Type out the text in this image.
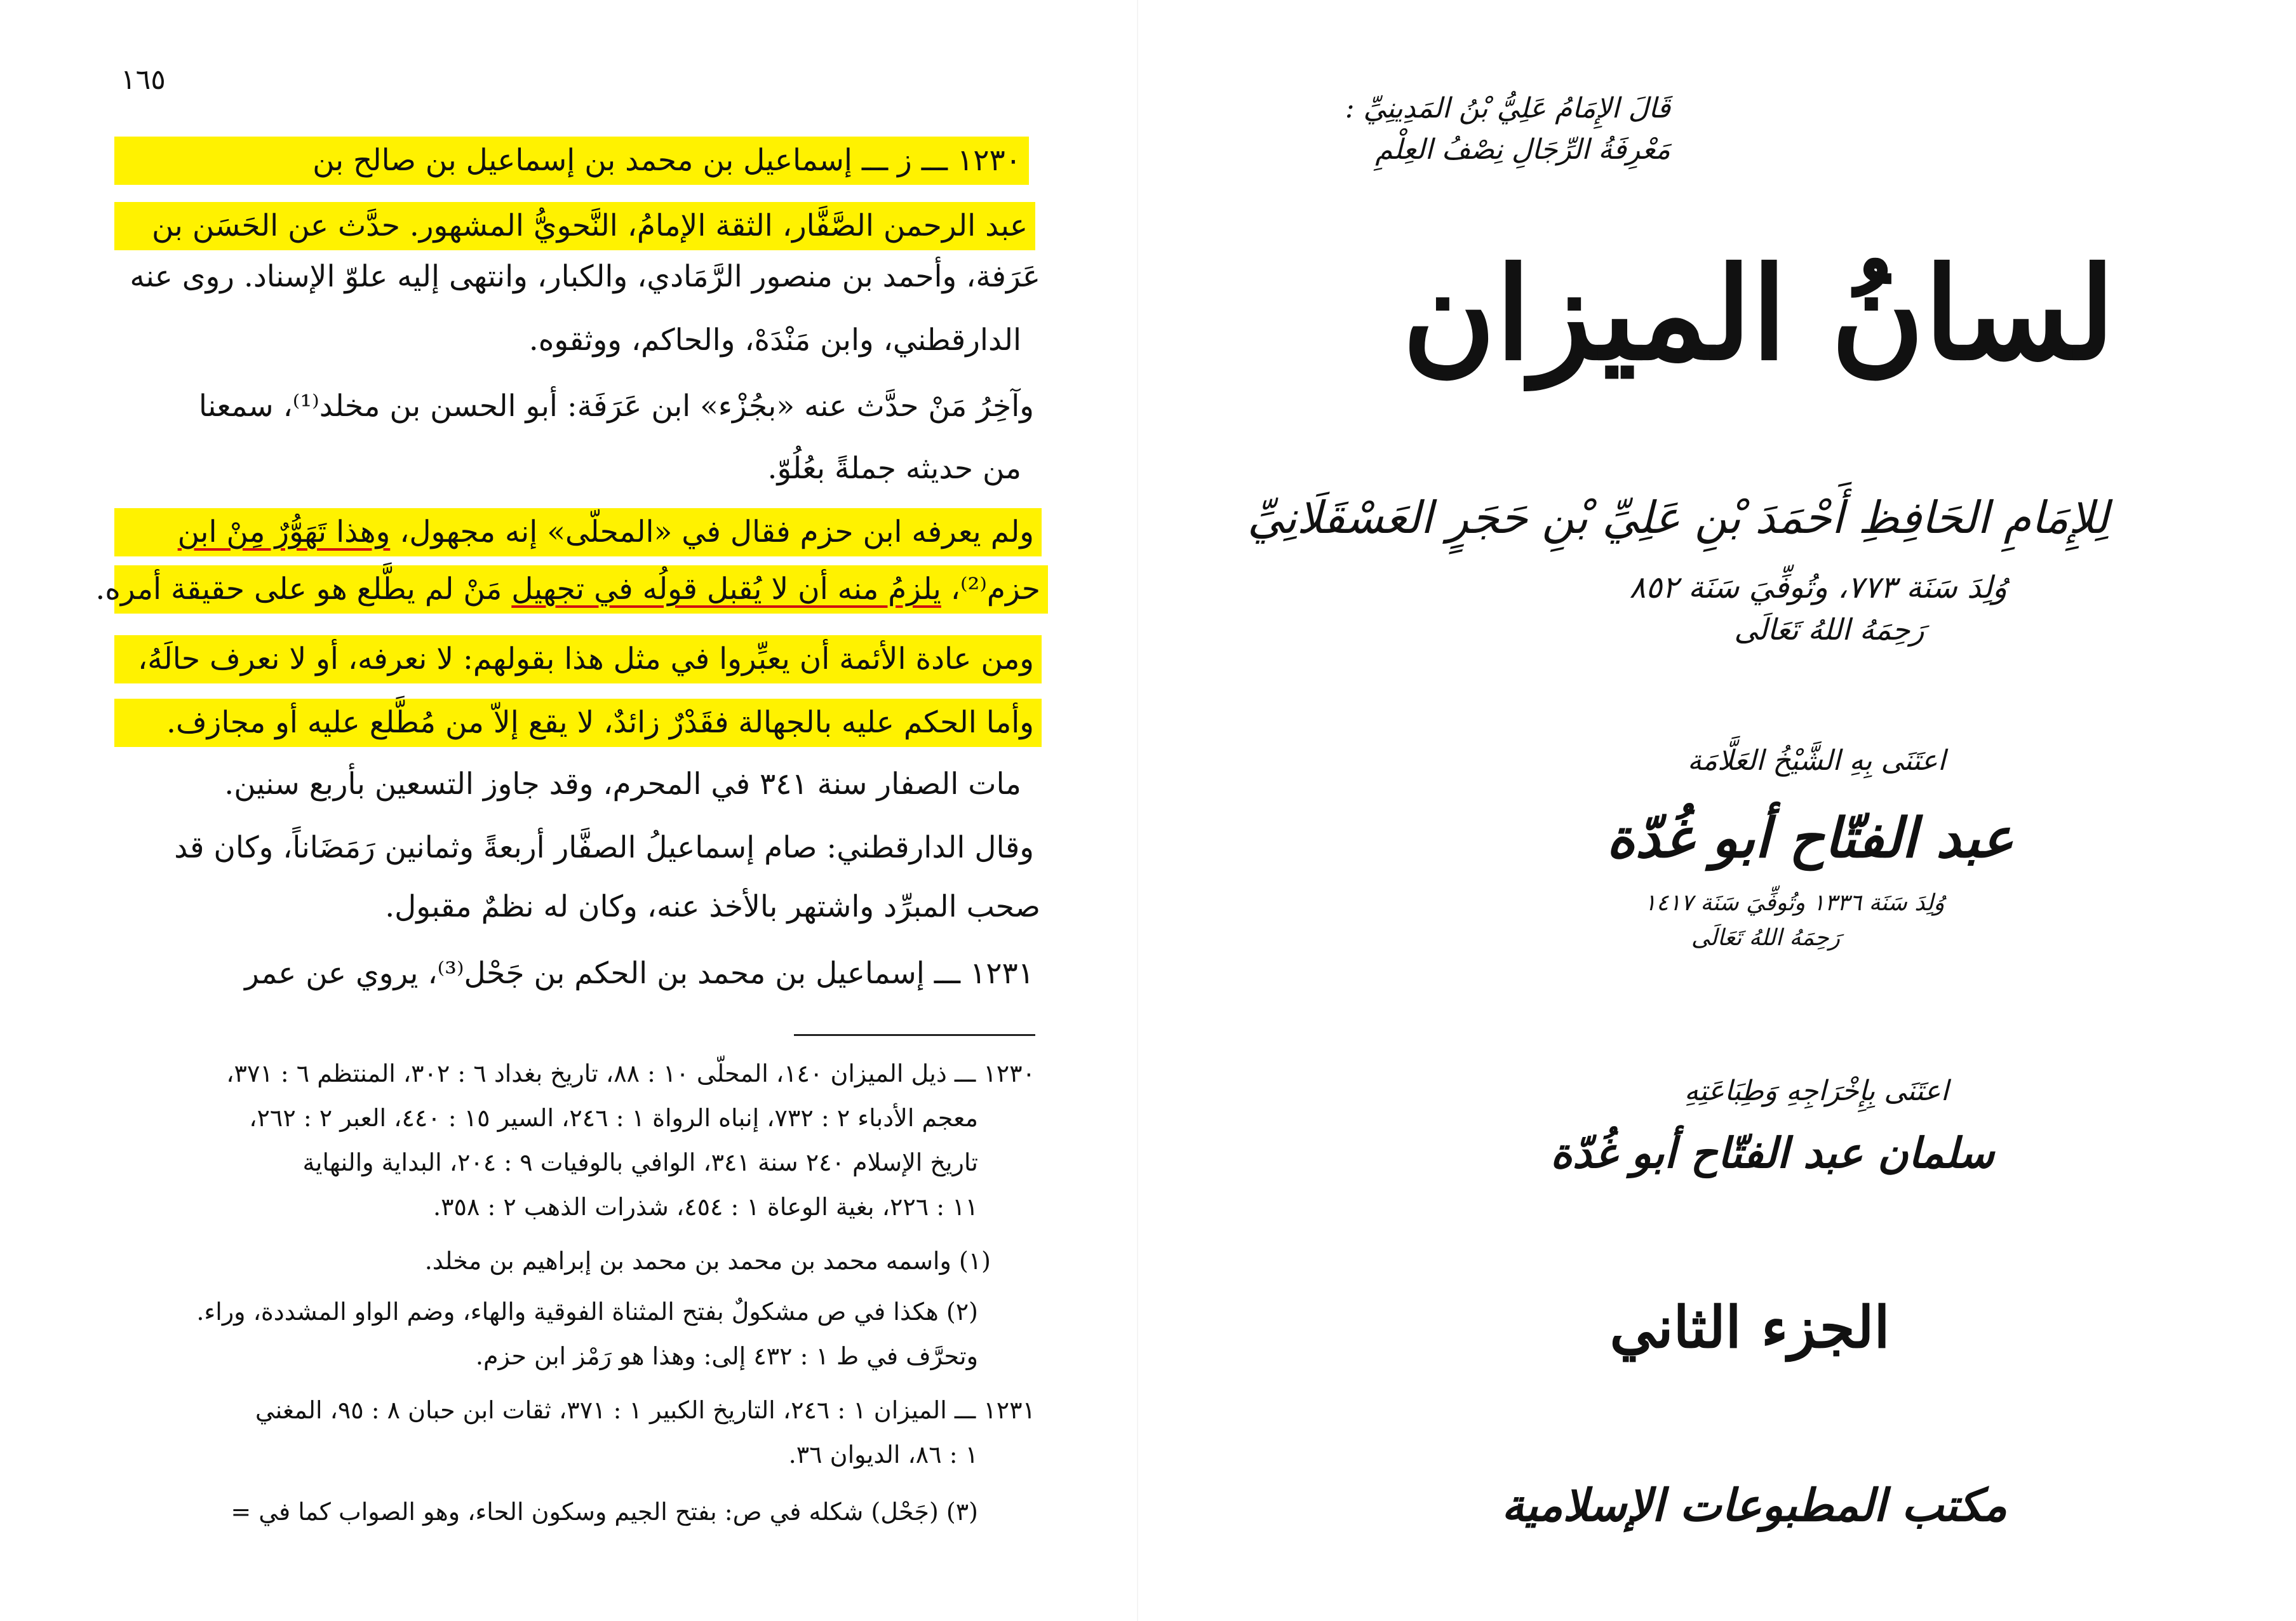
١٦٥
١٢٣٠ ـــ ز ـــ إسماعيل بن محمد بن إسماعيل بن صالح بن
عبد الرحمن الصَّفَّار، الثقة الإمامُ، النَّحويُّ المشهور. حدَّث عن الحَسَن بن
عَرَفة، وأحمد بن منصور الرَّمَادي، والكبار، وانتهى إليه علوّ الإسناد. روى عنه
الدارقطني، وابن مَنْدَهْ، والحاكم، ووثقوه.
وآخِرُ مَنْ حدَّث عنه «بجُزْء» ابن عَرَفَة: أبو الحسن بن مخلد⁽¹⁾، سمعنا
من حديثه جملةً بعُلُوّ.
ولم يعرفه ابن حزم فقال في «المحلّى» إنه مجهول، وهذا تَهَوُّرٌ مِنْ ابن
حزم⁽²⁾، يلزمُ منه أن لا يُقبل قولُه في تجهيل مَنْ لم يطَّلع هو على حقيقة أمره.
ومن عادة الأئمة أن يعبِّروا في مثل هذا بقولهم: لا نعرفه، أو لا نعرف حالَهُ،
وأما الحكم عليه بالجهالة فقَدْرٌ زائدٌ، لا يقع إلاّ من مُطَّلع عليه أو مجازف.
مات الصفار سنة ٣٤١ في المحرم، وقد جاوز التسعين بأربع سنين.
وقال الدارقطني: صام إسماعيلُ الصفَّار أربعةً وثمانين رَمَضَاناً، وكان قد
صحب المبرِّد واشتهر بالأخذ عنه، وكان له نظمٌ مقبول.
١٢٣١ ـــ إسماعيل بن محمد بن الحكم بن جَحْل⁽³⁾، يروي عن عمر
١٢٣٠ ـــ ذيل الميزان ١٤٠، المحلّى ١٠ : ٨٨، تاريخ بغداد ٦ : ٣٠٢، المنتظم ٦ : ٣٧١،
معجم الأدباء ٢ : ٧٣٢، إنباه الرواة ١ : ٢٤٦، السير ١٥ : ٤٤٠، العبر ٢ : ٢٦٢،
تاريخ الإسلام ٢٤٠ سنة ٣٤١، الوافي بالوفيات ٩ : ٢٠٤، البداية والنهاية
١١ : ٢٢٦، بغية الوعاة ١ : ٤٥٤، شذرات الذهب ٢ : ٣٥٨.
(١) واسمه محمد بن محمد بن محمد بن إبراهيم بن مخلد.
(٢) هكذا في ص مشكولٌ بفتح المثناة الفوقية والهاء، وضم الواو المشددة، وراء.
وتحرَّف في ط ١ : ٤٣٢ إلى: وهذا هو رَمْز ابن حزم.
١٢٣١ ـــ الميزان ١ : ٢٤٦، التاريخ الكبير ١ : ٣٧١، ثقات ابن حبان ٨ : ٩٥، المغني
١ : ٨٦، الديوان ٣٦.
(٣) (جَحْل) شكله في ص: بفتح الجيم وسكون الحاء، وهو الصواب كما في =
قَالَ الإِمَامُ عَلِيُّ بْنُ المَدِينِيِّ :
مَعْرِفَةُ الرِّجَالِ نِصْفُ العِلْمِ
لسانُ الميزان
لِلإِمَامِ الحَافِظِ أَحْمَدَ بْنِ عَلِيِّ بْنِ حَجَرٍ العَسْقَلَانِيِّ
وُلِدَ سَنَة ٧٧٣، وتُوفِّيَ سَنَة ٨٥٢
رَحِمَهُ اللهُ تَعَالَى
اعتَنَى بِهِ الشَّيْخُ العَلَّامَة
عبد الفتّاح أبو غُدّة
وُلِدَ سَنَة ١٣٣٦ وتُوفِّيَ سَنَة ١٤١٧
رَحِمَهُ اللهُ تَعَالَى
اعتَنَى بِإِخْرَاجِهِ وَطِبَاعَتِهِ
سلمان عبد الفتّاح أبو غُدّة
الجزء الثاني
مكتب المطبوعات الإسلامية
